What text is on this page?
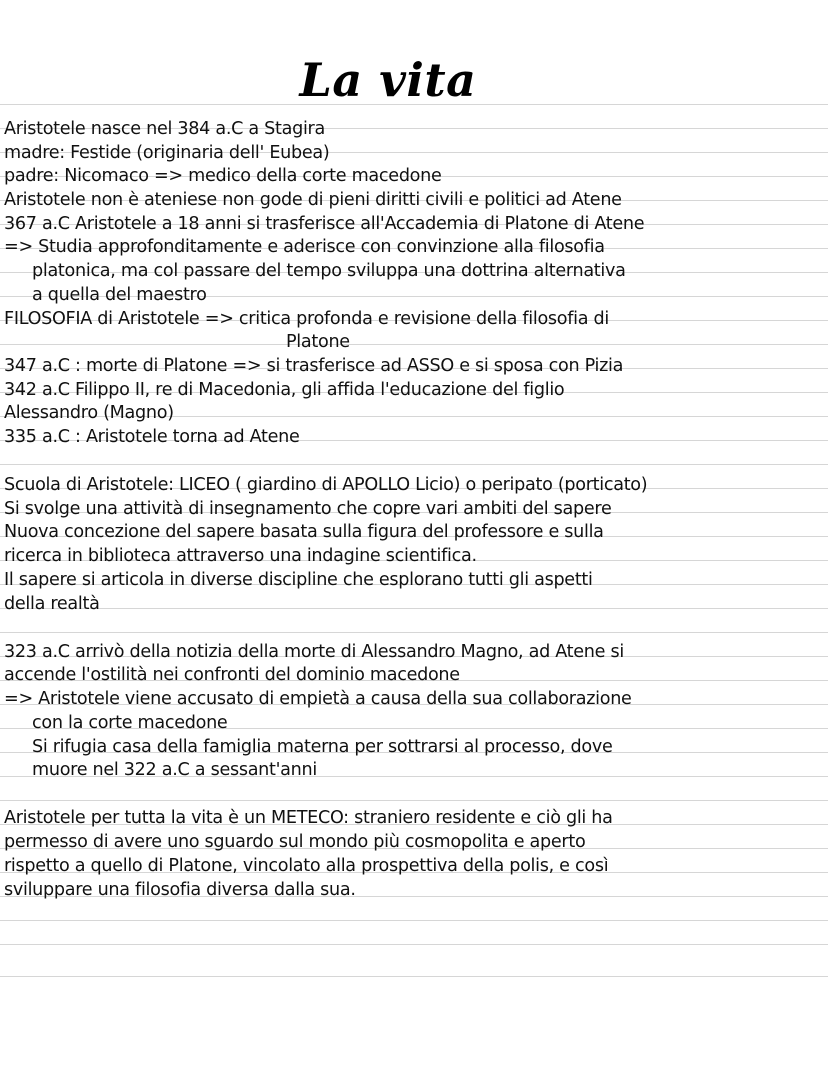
La vita
Aristotele nasce nel 384 a.C a Stagira
madre: Festide (originaria dell' Eubea)
padre: Nicomaco => medico della corte macedone
Aristotele non è ateniese non gode di pieni diritti civili e politici ad Atene
367 a.C Aristotele a 18 anni si trasferisce all'Accademia di Platone di Atene
=> Studia approfonditamente e aderisce con convinzione alla filosofia
platonica, ma col passare del tempo sviluppa una dottrina alternativa
a quella del maestro
FILOSOFIA di Aristotele => critica profonda e revisione della filosofia di
Platone
347 a.C : morte di Platone => si trasferisce ad ASSO e si sposa con Pizia
342 a.C Filippo II, re di Macedonia, gli affida l'educazione del figlio
Alessandro (Magno)
335 a.C : Aristotele torna ad Atene
Scuola di Aristotele: LICEO ( giardino di APOLLO Licio) o peripato (porticato)
Si svolge una attività di insegnamento che copre vari ambiti del sapere
Nuova concezione del sapere basata sulla figura del professore e sulla
ricerca in biblioteca attraverso una indagine scientifica.
Il sapere si articola in diverse discipline che esplorano tutti gli aspetti
della realtà
323 a.C arrivò della notizia della morte di Alessandro Magno, ad Atene si
accende l'ostilità nei confronti del dominio macedone
=> Aristotele viene accusato di empietà a causa della sua collaborazione
con la corte macedone
Si rifugia casa della famiglia materna per sottrarsi al processo, dove
muore nel 322 a.C a sessant'anni
Aristotele per tutta la vita è un METECO: straniero residente e ciò gli ha
permesso di avere uno sguardo sul mondo più cosmopolita e aperto
rispetto a quello di Platone, vincolato alla prospettiva della polis, e così
sviluppare una filosofia diversa dalla sua.
